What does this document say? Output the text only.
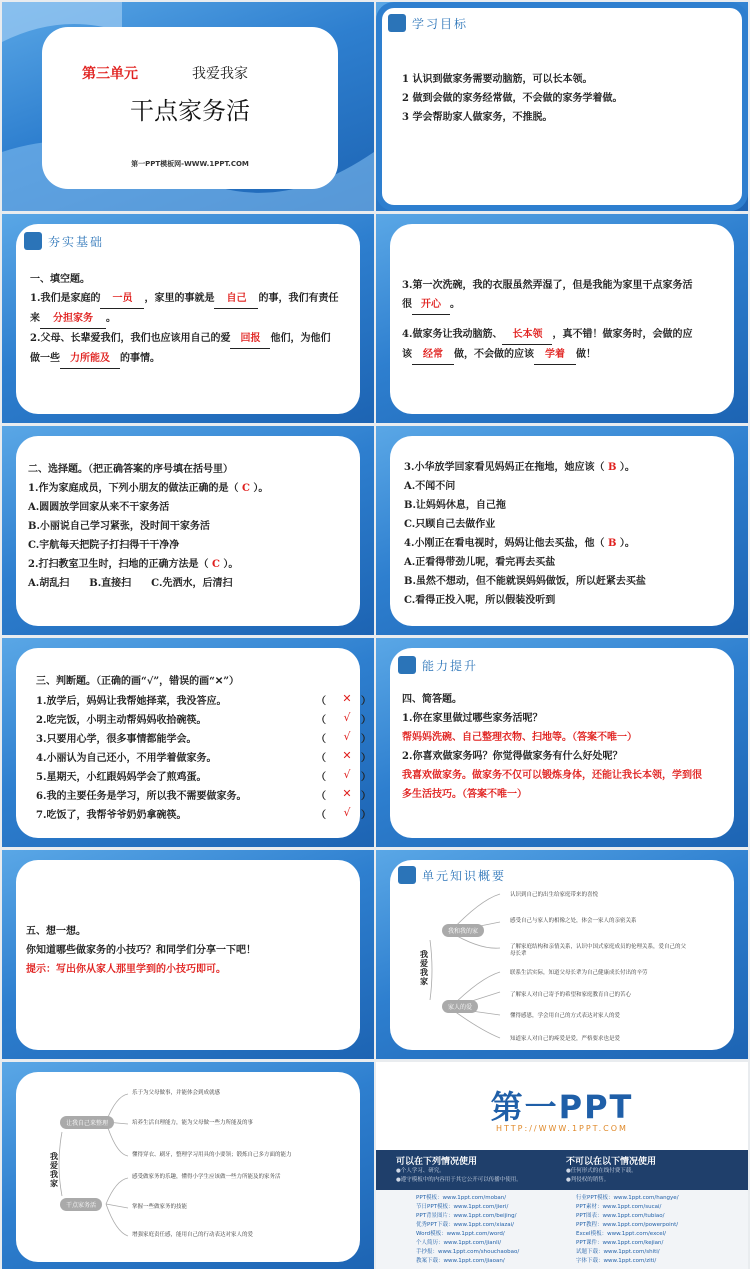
第三单元	我爱我家
干点家务活
第一PPT模板网-WWW.1PPT.COM
学习目标
1 认识到做家务需要动脑筋，可以长本领。
2 做到会做的家务经常做，不会做的家务学着做。
3 学会帮助家人做家务，不推脱。
夯实基础
一、填空题。
1.我们是家庭的 一员 ，家里的事就是 自己 的事，我们有责任
来 分担家务 。
2.父母、长辈爱我们，我们也应该用自己的爱 回报 他们，为他们
做一些 力所能及 的事情。
3.第一次洗碗，我的衣服虽然弄湿了，但是我能为家里干点家务活
很 开心 。
4.做家务让我动脑筋、 长本领 ，真不错！做家务时，会做的应
该 经常 做，不会做的应该 学着 做！
二、选择题。（把正确答案的序号填在括号里）
1.作为家庭成员，下列小朋友的做法正确的是（ C ）。
A.圆圆放学回家从来不干家务活
B.小丽说自己学习紧张，没时间干家务活
C.宇航每天把院子打扫得干干净净
2.打扫教室卫生时，扫地的正确方法是（ C ）。
A.胡乱扫　　B.直接扫　　C.先洒水，后清扫
3.小华放学回家看见妈妈正在拖地，她应该（ B ）。
A.不闻不问
B.让妈妈休息，自己拖
C.只顾自己去做作业
4.小刚正在看电视时，妈妈让他去买盐，他（ B ）。
A.正看得带劲儿呢，看完再去买盐
B.虽然不想动，但不能就误妈妈做饭，所以赶紧去买盐
C.看得正投入呢，所以假装没听到
三、判断题。（正确的画“√”，错误的画“✕”）
1.放学后，妈妈让我帮她择菜，我没答应。	（	✕ ）
2.吃完饭，小明主动帮妈妈收拾碗筷。	（	√	）
3.只要用心学，很多事情都能学会。	（	√	）
4.小丽认为自己还小，不用学着做家务。	（	✕ ）
5.星期天，小红跟妈妈学会了煎鸡蛋。	（	√	）
6.我的主要任务是学习，所以我不需要做家务。	（	✕ ）
7.吃饭了，我帮爷爷奶奶拿碗筷。	（	√	）
能力提升
四、简答题。
1.你在家里做过哪些家务活呢？
帮妈妈洗碗、自己整理衣物、扫地等。（答案不唯一）
2.你喜欢做家务吗？你觉得做家务有什么好处呢？
我喜欢做家务。做家务不仅可以锻炼身体，还能让我长本领，学到很
多生活技巧。（答案不唯一）
五、想一想。
你知道哪些做家务的小技巧？和同学们分享一下吧！
提示：写出你从家人那里学到的小技巧即可。
单元知识概要
我爱我家
我和我的家
家人的爱
认识到自己的出生给家庭带来的喜悦
感受自己与家人的相像之处，体会一家人的亲密关系
了解家庭结构和亲情关系，认识中国式家庭成员的伦理关系，爱自己的父
母长辈
联系生活实际，知道父母长辈为自己健康成长付出的辛劳
了解家人对自己寄予的希望和家庭教育自己的苦心
懂得感恩，学会用自己的方式表达对家人的爱
知道家人对自己的疼爱是爱，严格要求也是爱
我爱我家
让我自己来整理
干点家务活
乐于为父母做事，并能体会到成就感
培养生活自理能力，能为父母做一些力所能及的事
懂得穿衣、刷牙，整理学习用具的小要领；锻炼自己多方面的能力
感受做家务的乐趣，懂得小学生应该做一些力所能及的家务活
掌握一些做家务的技能
增强家庭责任感，能用自己的行动表达对家人的爱
第一PPT
HTTP://WWW.1PPT.COM
可以在下列情况使用
●个人学习、研究。
●遵守模板中的内容用于其它公开可以传播中使用。
不可以在以下情况使用
●任何形式的在线付费下载。
●判侵权的销售。
PPT模板：www.1ppt.com/moban/
节日PPT模板：www.1ppt.com/jieri/
PPT背景图片：www.1ppt.com/beijing/
优秀PPT下载：www.1ppt.com/xiazai/
Word模板：www.1ppt.com/word/
个人简历：www.1ppt.com/jianli/
手抄报：www.1ppt.com/shouchaobao/
教案下载：www.1ppt.com/jiaoan/
行业PPT模板：www.1ppt.com/hangye/
PPT素材：www.1ppt.com/sucai/
PPT图表：www.1ppt.com/tubiao/
PPT教程：www.1ppt.com/powerpoint/
Excel模板：www.1ppt.com/excel/
PPT课件：www.1ppt.com/kejian/
试题下载：www.1ppt.com/shiti/
字体下载：www.1ppt.com/ziti/
